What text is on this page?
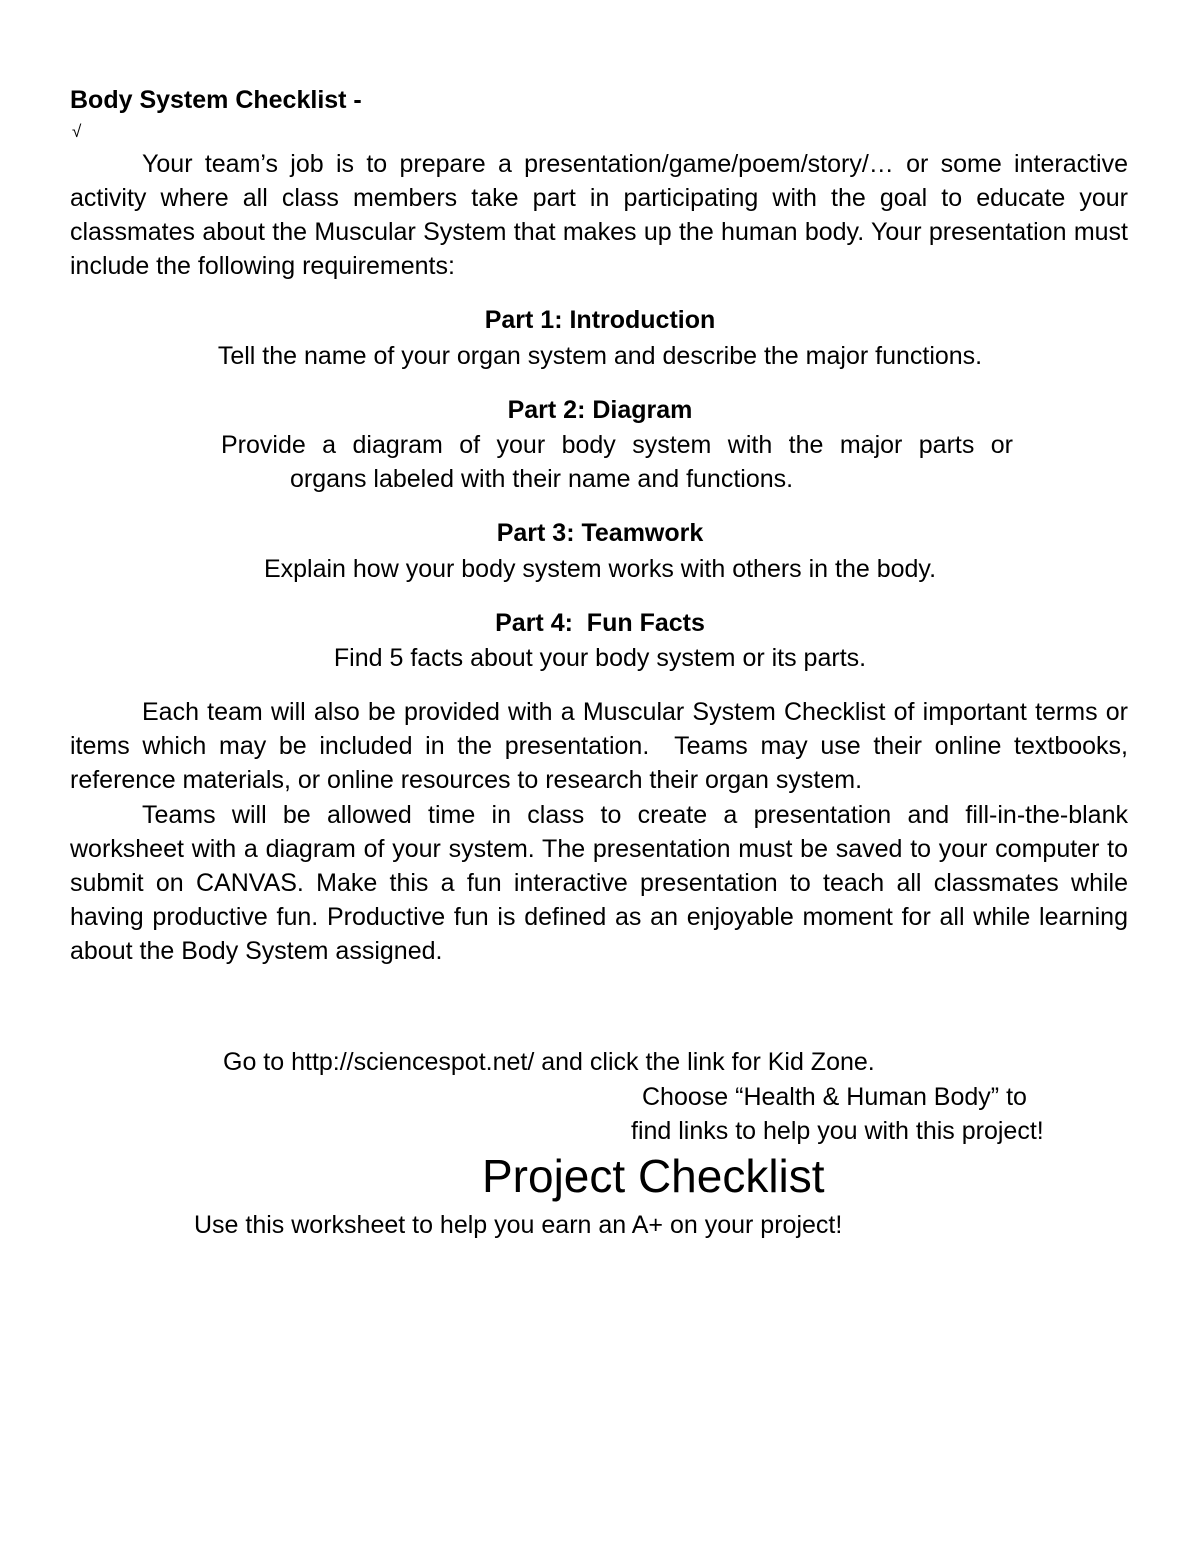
Body System Checklist -
√

Your team’s job is to prepare a presentation/game/poem/story/… or some interactive activity where all class members take part in participating with the goal to educate your classmates about the Muscular System that makes up the human body. Your presentation must include the following requirements:

Part 1: Introduction
Tell the name of your organ system and describe the major functions.
Part 2: Diagram
Provide a diagram of your body system with the major parts or
organs labeled with their name and functions.
Part 3: Teamwork
Explain how your body system works with others in the body.
Part 4:  Fun Facts
Find 5 facts about your body system or its parts.

Each team will also be provided with a Muscular System Checklist of important terms or items which may be included in the presentation.  Teams may use their online textbooks, reference materials, or online resources to research their organ system.

Teams will be allowed time in class to create a presentation and fill-in-the-blank worksheet with a diagram of your system. The presentation must be saved to your computer to submit on CANVAS. Make this a fun interactive presentation to teach all classmates while having productive fun. Productive fun is defined as an enjoyable moment for all while learning about the Body System assigned.

Go to http://sciencespot.net/ and click the link for Kid Zone.
Choose “Health & Human Body” to
find links to help you with this project!
Project Checklist
Use this worksheet to help you earn an A+ on your project!
